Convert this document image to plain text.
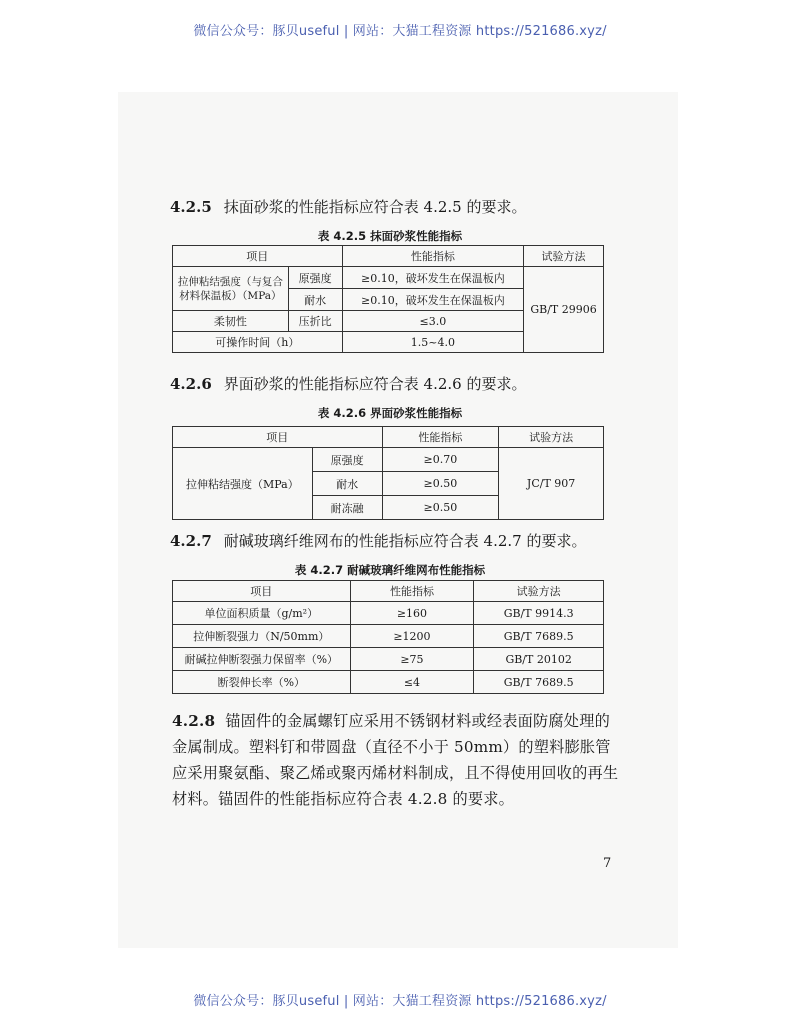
微信公众号：豚贝useful | 网站：大猫工程资源 https://521686.xyz/
4.2.5 抹面砂浆的性能指标应符合表 4.2.5 的要求。
表 4.2.5 抹面砂浆性能指标
项目		性能指标	试验方法
拉伸粘结强度（与复合材料保温板）（MPa）	原强度	≥0.10，破坏发生在保温板内	GB/T 29906
	耐水	≥0.10，破坏发生在保温板内	
柔韧性	压折比	≤3.0	
可操作时间（h）		1.5~4.0	
4.2.6 界面砂浆的性能指标应符合表 4.2.6 的要求。
表 4.2.6 界面砂浆性能指标
项目		性能指标	试验方法
拉伸粘结强度（MPa）	原强度	≥0.70	JC/T 907
	耐水	≥0.50	
	耐冻融	≥0.50	
4.2.7 耐碱玻璃纤维网布的性能指标应符合表 4.2.7 的要求。
表 4.2.7 耐碱玻璃纤维网布性能指标
项目	性能指标	试验方法
单位面积质量（g/m²）	≥160	GB/T 9914.3
拉伸断裂强力（N/50mm）	≥1200	GB/T 7689.5
耐碱拉伸断裂强力保留率（%）	≥75	GB/T 20102
断裂伸长率（%）	≤4	GB/T 7689.5
4.2.8 锚固件的金属螺钉应采用不锈钢材料或经表面防腐处理的金属制成。塑料钉和带圆盘（直径不小于 50mm）的塑料膨胀管应采用聚氨酯、聚乙烯或聚丙烯材料制成，且不得使用回收的再生材料。锚固件的性能指标应符合表 4.2.8 的要求。
7
微信公众号：豚贝useful | 网站：大猫工程资源 https://521686.xyz/
